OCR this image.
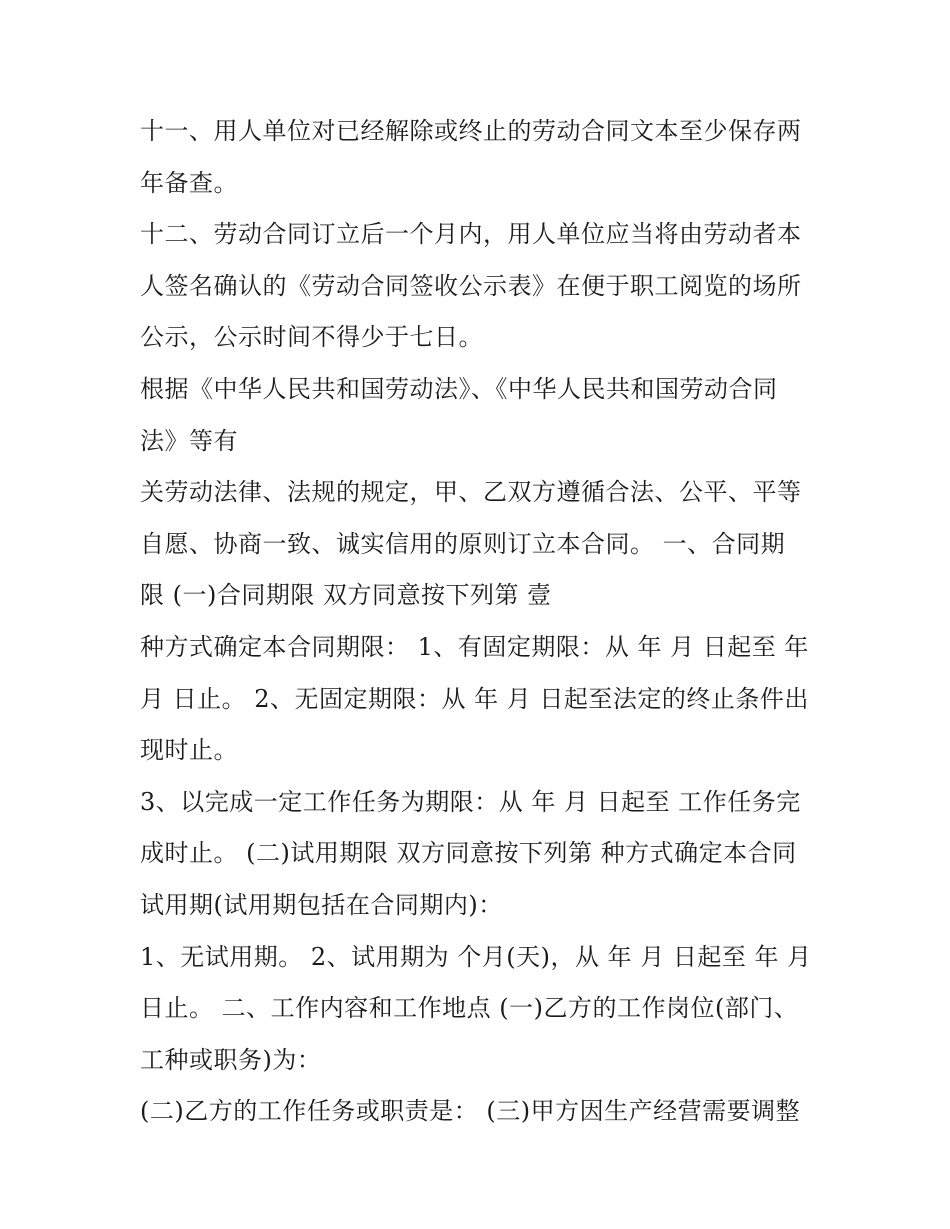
十一、用人单位对已经解除或终止的劳动合同文本至少保存两
年备查。
十二、劳动合同订立后一个月内，用人单位应当将由劳动者本
人签名确认的《劳动合同签收公示表》在便于职工阅览的场所
公示，公示时间不得少于七日。
根据《中华人民共和国劳动法》、《中华人民共和国劳动合同
法》等有
关劳动法律、法规的规定，甲、乙双方遵循合法、公平、平等
自愿、协商一致、诚实信用的原则订立本合同。 一、合同期
限 (一)合同期限 双方同意按下列第 壹
种方式确定本合同期限： 1、有固定期限：从 年 月 日起至 年
月 日止。 2、无固定期限：从 年 月 日起至法定的终止条件出
现时止。
3、以完成一定工作任务为期限：从 年 月 日起至 工作任务完
成时止。 (二)试用期限 双方同意按下列第 种方式确定本合同
试用期(试用期包括在合同期内)：
1、无试用期。 2、试用期为 个月(天)，从 年 月 日起至 年 月
日止。 二、工作内容和工作地点 (一)乙方的工作岗位(部门、
工种或职务)为：
(二)乙方的工作任务或职责是： (三)甲方因生产经营需要调整
